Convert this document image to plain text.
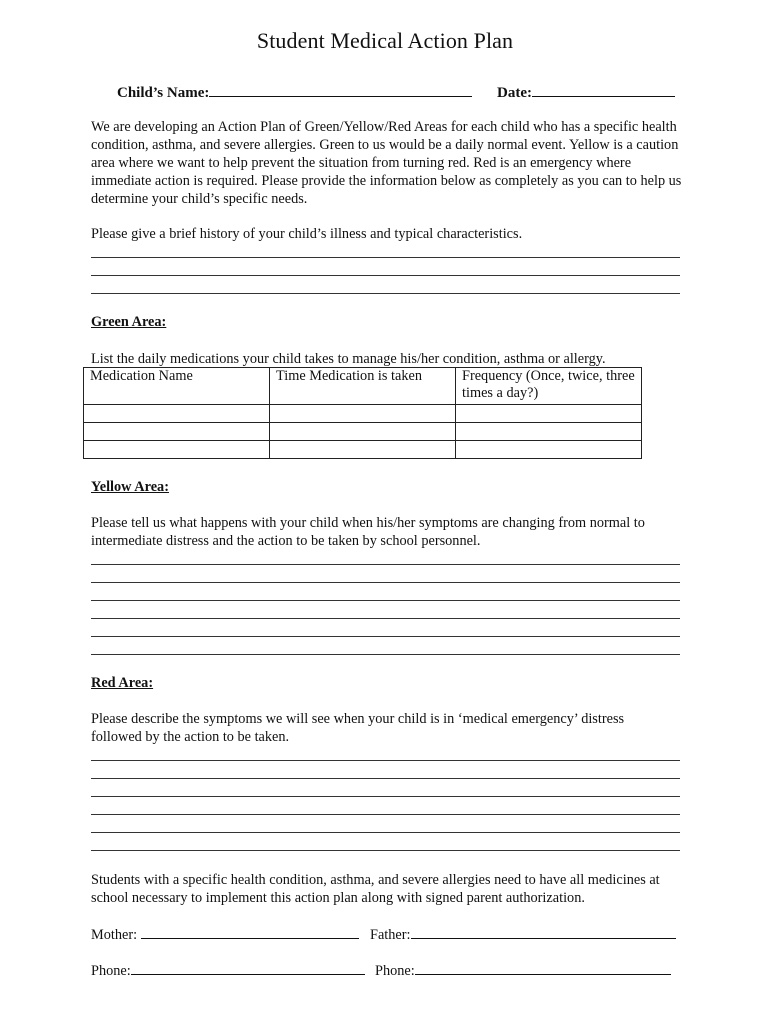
Student Medical Action Plan
Child’s Name:	Date:
We are developing an Action Plan of Green/Yellow/Red Areas for each child who has a specific health condition, asthma, and severe allergies. Green to us would be a daily normal event. Yellow is a caution area where we want to help prevent the situation from turning red. Red is an emergency where immediate action is required. Please provide the information below as completely as you can to help us determine your child’s specific needs.
Please give a brief history of your child’s illness and typical characteristics.
Green Area:
List the daily medications your child takes to manage his/her condition, asthma or allergy.
Medication Name	Time Medication is taken	Frequency (Once, twice, three times a day?)

Yellow Area:
Please tell us what happens with your child when his/her symptoms are changing from normal to intermediate distress and the action to be taken by school personnel.
Red Area:
Please describe the symptoms we will see when your child is in ‘medical emergency’ distress followed by the action to be taken.
Students with a specific health condition, asthma, and severe allergies need to have all medicines at school necessary to implement this action plan along with signed parent authorization.
Mother:	Father:
Phone:	Phone:
